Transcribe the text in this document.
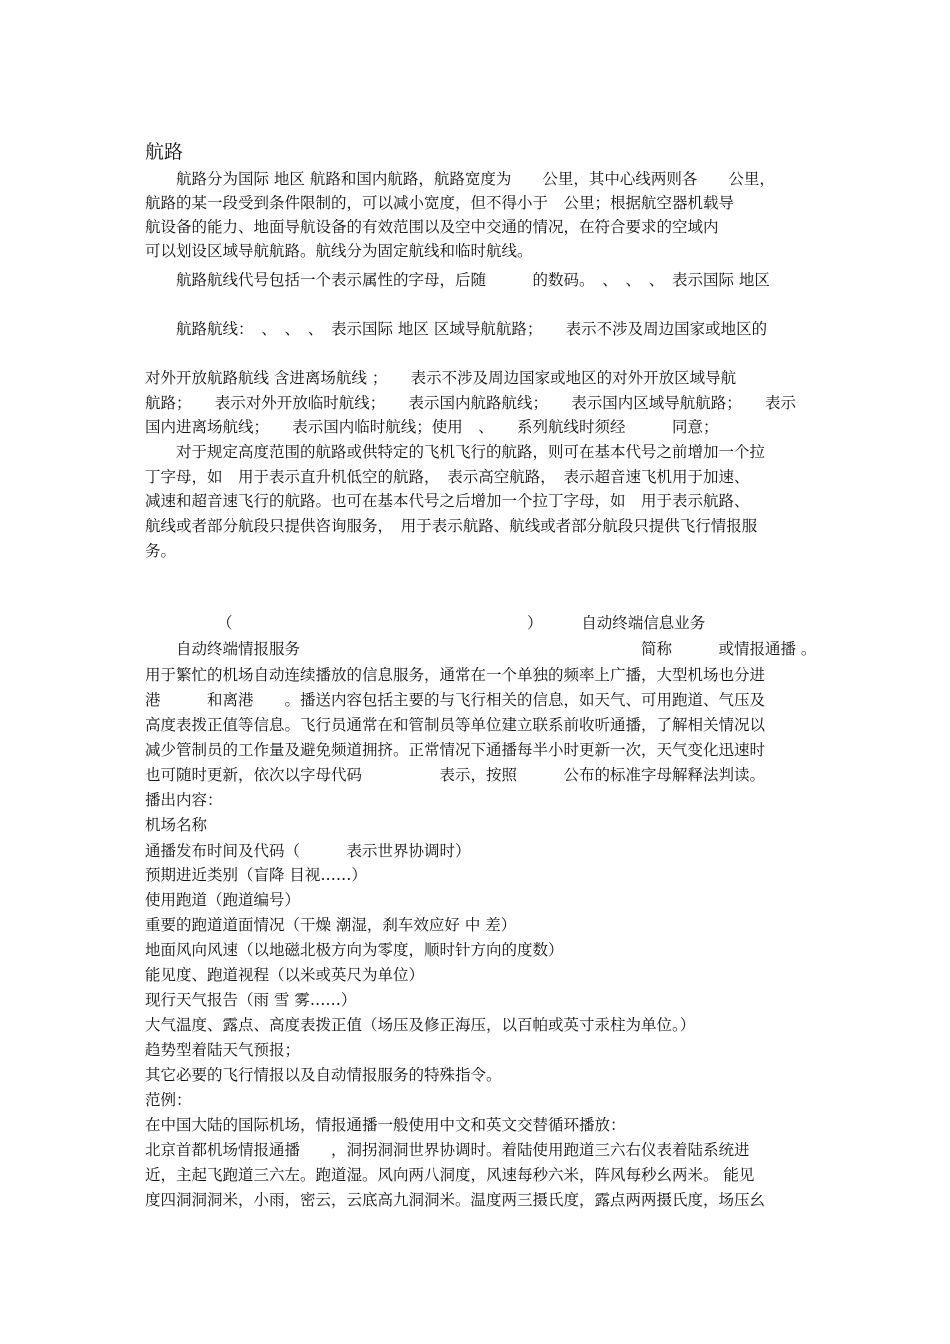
航路
　　航路分为国际 地区 航路和国内航路，航路宽度为　　公里，其中心线两则各　　公里，
航路的某一段受到条件限制的，可以减小宽度，但不得小于　公里；根据航空器机载导
航设备的能力、地面导航设备的有效范围以及空中交通的情况，在符合要求的空域内
可以划设区域导航航路。航线分为固定航线和临时航线。
　　航路航线代号包括一个表示属性的字母，后随　　　的数码。　、　、　、　表示国际 地区
　　航路航线：　、　、　、　表示国际 地区 区域导航航路；　　表示不涉及周边国家或地区的
对外开放航路航线 含进离场航线 ；　　表示不涉及周边国家或地区的对外开放区域导航
航路；　　表示对外开放临时航线；　　表示国内航路航线；　　表示国内区域导航航路；　　表示
国内进离场航线；　　表示国内临时航线；使用　、　　系列航线时须经　　　同意；
　　对于规定高度范围的航路或供特定的飞机飞行的航路，则可在基本代号之前增加一个拉
丁字母，如　用于表示直升机低空的航路，　表示高空航路，　表示超音速飞机用于加速、
减速和超音速飞行的航路。也可在基本代号之后增加一个拉丁字母，如　用于表示航路、
航线或者部分航段只提供咨询服务，　用于表示航路、航线或者部分航段只提供飞行情报服
务。
（　　　　　　　　　　　　　　　　　　　）　　　自动终端信息业务
　　自动终端情报服务　　　　　　　　　　　　　　　　　　　　　　简称　　　或情报通播 。
用于繁忙的机场自动连续播放的信息服务，通常在一个单独的频率上广播，大型机场也分进
港　　　和离港　　。播送内容包括主要的与飞行相关的信息，如天气、可用跑道、气压及
高度表拨正值等信息。飞行员通常在和管制员等单位建立联系前收听通播，了解相关情况以
减少管制员的工作量及避免频道拥挤。正常情况下通播每半小时更新一次，天气变化迅速时
也可随时更新，依次以字母代码　　　　　表示，按照　　　公布的标准字母解释法判读。
播出内容：
机场名称
通播发布时间及代码（　　　表示世界协调时）
预期进近类别（盲降 目视……）
使用跑道（跑道编号）
重要的跑道道面情况（干燥 潮湿，刹车效应好 中 差）
地面风向风速（以地磁北极方向为零度，顺时针方向的度数）
能见度、跑道视程（以米或英尺为单位）
现行天气报告（雨 雪 雾……）
大气温度、露点、高度表拨正值（场压及修正海压，以百帕或英寸汞柱为单位。）
趋势型着陆天气预报；
其它必要的飞行情报以及自动情报服务的特殊指令。
范例：
在中国大陆的国际机场，情报通播一般使用中文和英文交替循环播放：
北京首都机场情报通播　　，洞拐洞洞世界协调时。着陆使用跑道三六右仪表着陆系统进
近，主起飞跑道三六左。跑道湿。风向两八洞度，风速每秒六米，阵风每秒幺两米。 能见
度四洞洞洞米，小雨，密云，云底高九洞洞米。温度两三摄氏度，露点两两摄氏度，场压幺
